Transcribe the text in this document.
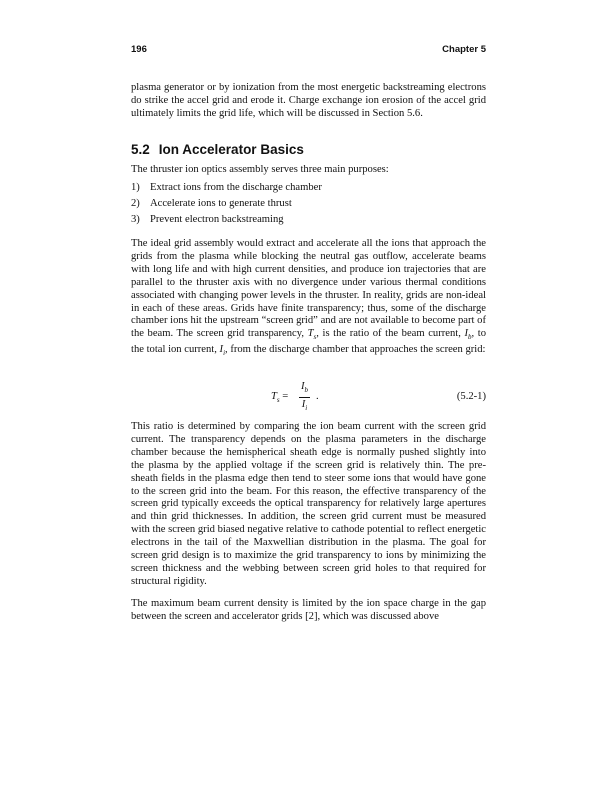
196	Chapter 5

plasma generator or by ionization from the most energetic backstreaming electrons do strike the accel grid and erode it. Charge exchange ion erosion of the accel grid ultimately limits the grid life, which will be discussed in Section 5.6.

5.2 Ion Accelerator Basics

The thruster ion optics assembly serves three main purposes:

1) Extract ions from the discharge chamber
2) Accelerate ions to generate thrust
3) Prevent electron backstreaming

The ideal grid assembly would extract and accelerate all the ions that approach the grids from the plasma while blocking the neutral gas outflow, accelerate beams with long life and with high current densities, and produce ion trajectories that are parallel to the thruster axis with no divergence under various thermal conditions associated with changing power levels in the thruster. In reality, grids are non-ideal in each of these areas. Grids have finite transparency; thus, some of the discharge chamber ions hit the upstream “screen grid” and are not available to become part of the beam. The screen grid transparency, $T_s$, is the ratio of the beam current, $I_b$, to the total ion current, $I_i$, from the discharge chamber that approaches the screen grid:

$T_s = \frac{I_b}{I_i}$ .	(5.2-1)

This ratio is determined by comparing the ion beam current with the screen grid current. The transparency depends on the plasma parameters in the discharge chamber because the hemispherical sheath edge is normally pushed slightly into the plasma by the applied voltage if the screen grid is relatively thin. The pre-sheath fields in the plasma edge then tend to steer some ions that would have gone to the screen grid into the beam. For this reason, the effective transparency of the screen grid typically exceeds the optical transparency for relatively large apertures and thin grid thicknesses. In addition, the screen grid current must be measured with the screen grid biased negative relative to cathode potential to reflect energetic electrons in the tail of the Maxwellian distribution in the plasma. The goal for screen grid design is to maximize the grid transparency to ions by minimizing the screen thickness and the webbing between screen grid holes to that required for structural rigidity.

The maximum beam current density is limited by the ion space charge in the gap between the screen and accelerator grids [2], which was discussed above
